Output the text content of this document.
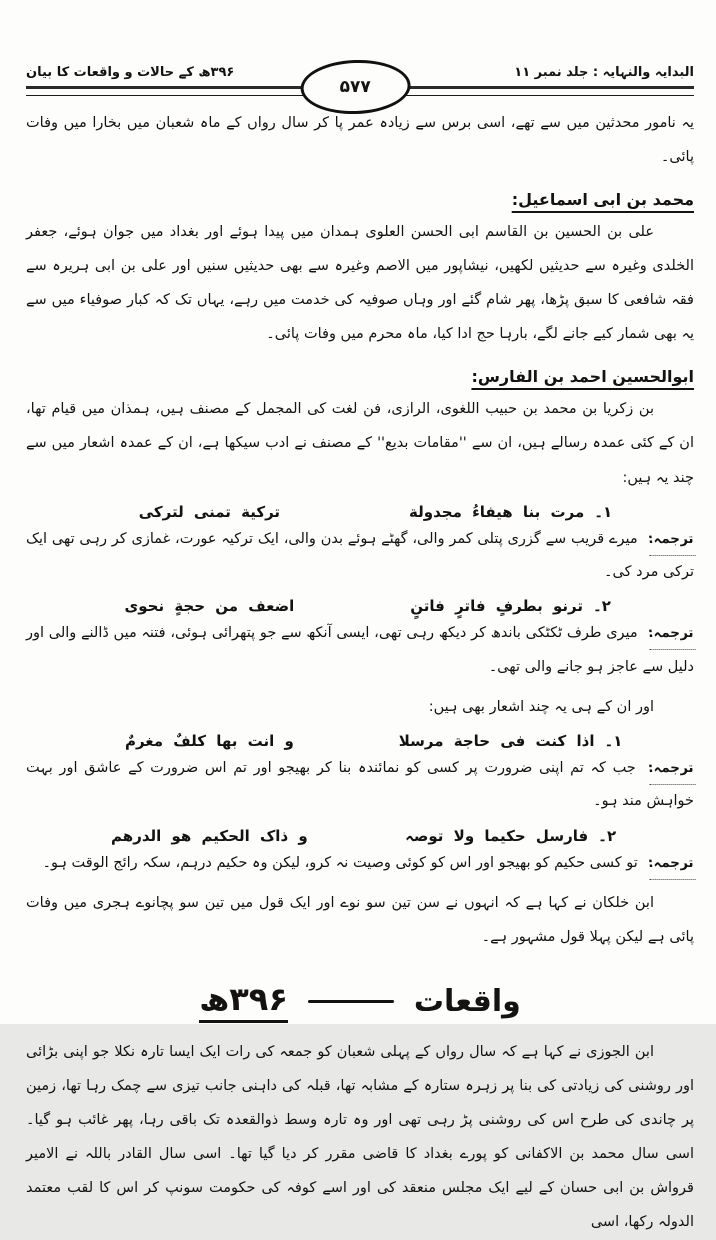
البدایہ والنہایہ : جلد نمبر ۱۱
۳۹۶ھ کے حالات و واقعات کا بیان
۵۷۷

یہ نامور محدثین میں سے تھے، اسی برس سے زیادہ عمر پا کر سال رواں کے ماہ شعبان میں بخارا میں وفات پائی۔

محمد بن ابی اسماعیل:

علی بن الحسین بن القاسم ابی الحسن العلوی ہمدان میں پیدا ہوئے اور بغداد میں جوان ہوئے، جعفر الخلدی وغیرہ سے حدیثیں لکھیں، نیشاپور میں الاصم وغیرہ سے بھی حدیثیں سنیں اور علی بن ابی ہریرہ سے فقہ شافعی کا سبق پڑھا، پھر شام گئے اور وہاں صوفیہ کی خدمت میں رہے، یہاں تک کہ کبار صوفیاء میں سے یہ بھی شمار کیے جانے لگے، بارہا حج ادا کیا، ماہ محرم میں وفات پائی۔

ابوالحسین احمد بن الفارس:

بن زکریا بن محمد بن حبیب اللغوی، الرازی، فن لغت کی المجمل کے مصنف ہیں، ہمذان میں قیام تھا، ان کے کئی عمدہ رسالے ہیں، ان سے ''مقامات بدیع'' کے مصنف نے ادب سیکھا ہے، ان کے عمدہ اشعار میں سے چند یہ ہیں:

۱۔مرت بنا ھیفاءُ مجدولة
ترکیة تمنی لترکی

ترجمہ: میرے قریب سے گزری پتلی کمر والی، گھٹے ہوئے بدن والی، ایک ترکیہ عورت، غمازی کر رہی تھی ایک ترکی مرد کی۔

۲۔ترنو بطرفٍ فاترٍ فاتنٍ
اضعف من حجةٍ نحوی

ترجمہ: میری طرف ٹکٹکی باندھ کر دیکھ رہی تھی، ایسی آنکھ سے جو پتھرائی ہوئی، فتنہ میں ڈالنے والی اور دلیل سے عاجز ہو جانے والی تھی۔

اور ان کے ہی یہ چند اشعار بھی ہیں:

۱۔اذا کنت فی حاجة مرسلا
و انت بھا کلفٌ مغرمٌ

ترجمہ: جب کہ تم اپنی ضرورت پر کسی کو نمائندہ بنا کر بھیجو اور تم اس ضرورت کے عاشق اور بہت خواہش مند ہو۔

۲۔فارسل حکیما ولا توصہ
و ذاک الحکیم ھو الدرھم

ترجمہ: تو کسی حکیم کو بھیجو اور اس کو کوئی وصیت نہ کرو، لیکن وہ حکیم درہم، سکہ رائج الوقت ہو۔

ابن خلکان نے کہا ہے کہ انہوں نے سن تین سو نوے اور ایک قول میں تین سو پچانوے ہجری میں وفات پائی ہے لیکن پہلا قول مشہور ہے۔

واقعات
۳۹۶ھ

ابن الجوزی نے کہا ہے کہ سال رواں کے پہلی شعبان کو جمعہ کی رات ایک ایسا تارہ نکلا جو اپنی بڑائی اور روشنی کی زیادتی کی بنا پر زہرہ ستارہ کے مشابہ تھا، قبلہ کی داہنی جانب تیزی سے چمک رہا تھا، زمین پر چاندی کی طرح اس کی روشنی پڑ رہی تھی اور وہ تارہ وسط ذوالقعدہ تک باقی رہا، پھر غائب ہو گیا۔ اسی سال محمد بن الاکفانی کو پورے بغداد کا قاضی مقرر کر دیا گیا تھا۔ اسی سال القادر باللہ نے الامیر قرواش بن ابی حسان کے لیے ایک مجلس منعقد کی اور اسے کوفہ کی حکومت سونپ کر اس کا لقب معتمد الدولہ رکھا، اسی
